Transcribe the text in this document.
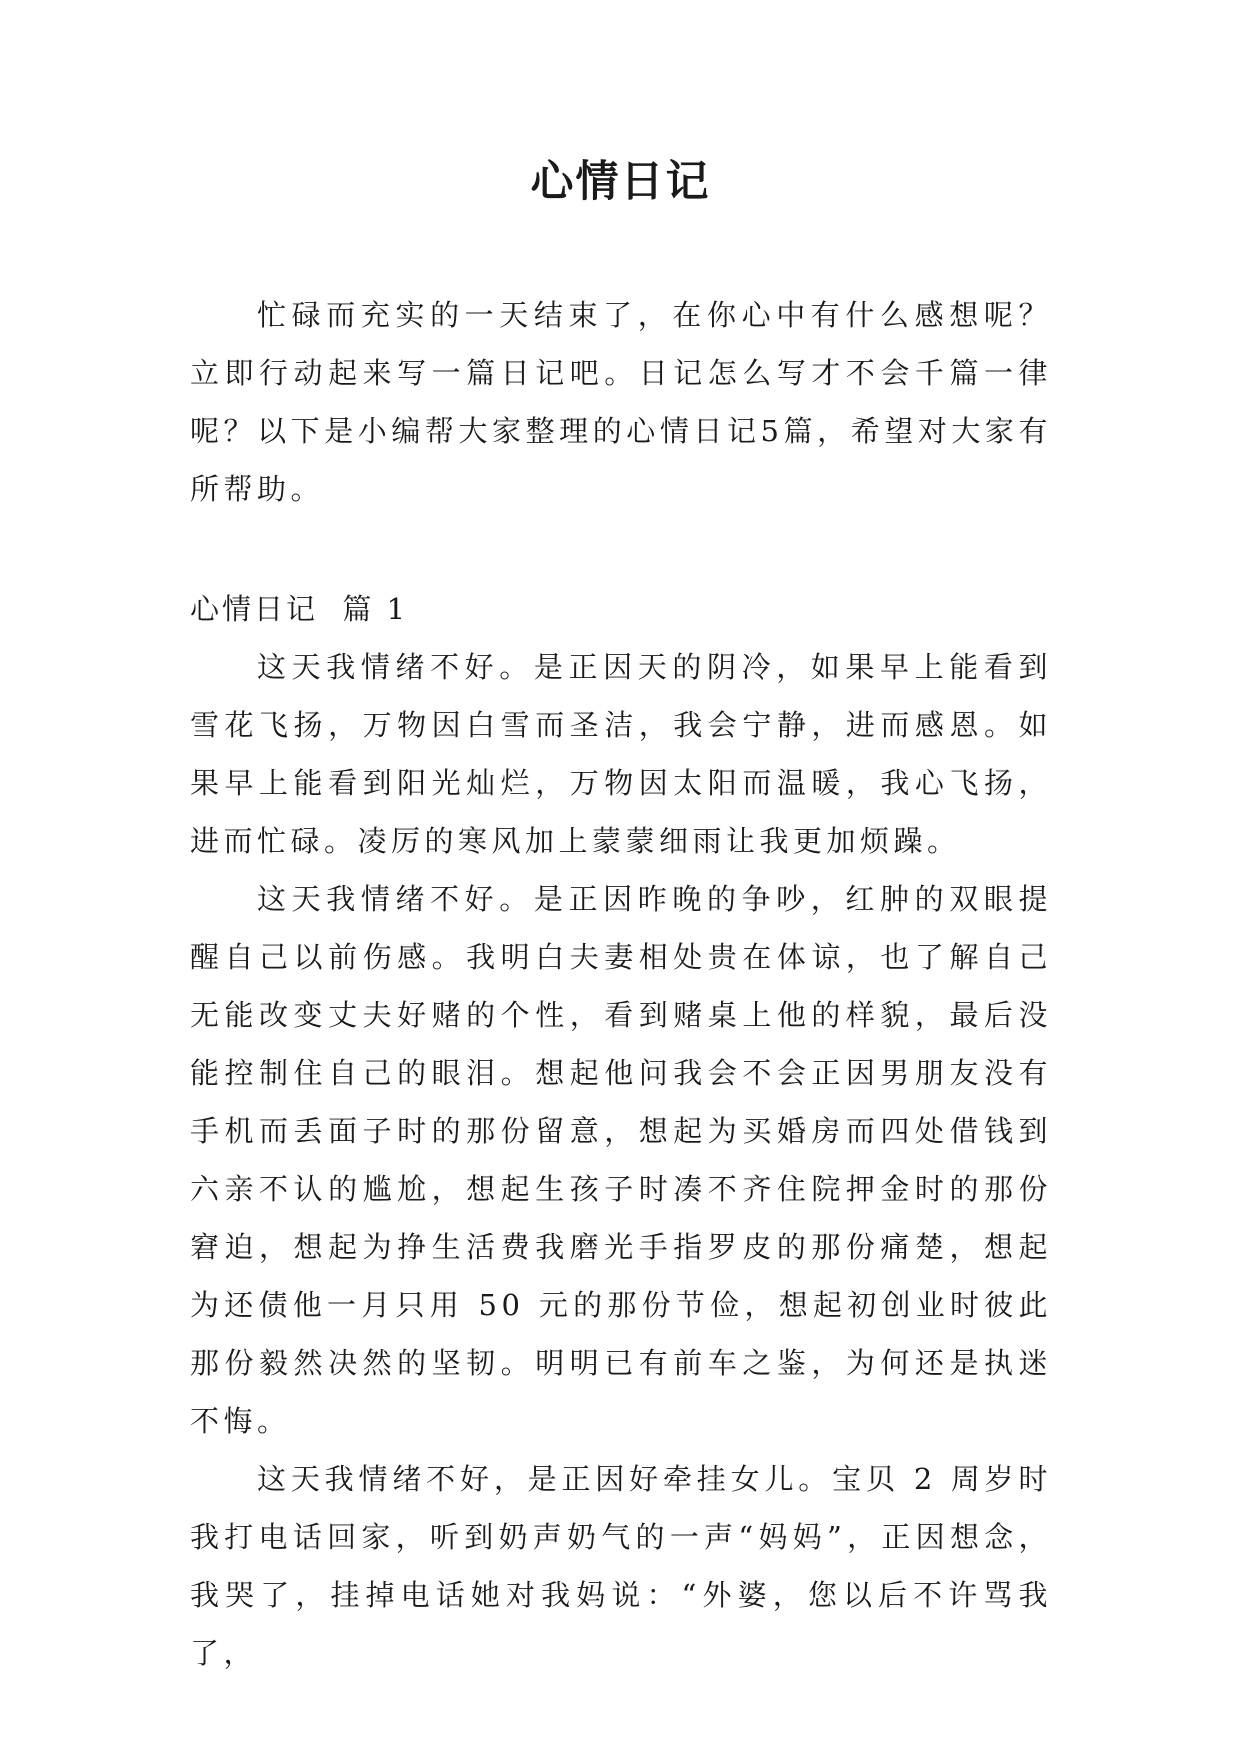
心情日记

忙碌而充实的一天结束了，在你心中有什么感想呢？立即行动起来写一篇日记吧。日记怎么写才不会千篇一律呢？以下是小编帮大家整理的心情日记5篇，希望对大家有所帮助。

心情日记  篇 1

这天我情绪不好。是正因天的阴冷，如果早上能看到雪花飞扬，万物因白雪而圣洁，我会宁静，进而感恩。如果早上能看到阳光灿烂，万物因太阳而温暖，我心飞扬，进而忙碌。凌厉的寒风加上蒙蒙细雨让我更加烦躁。

这天我情绪不好。是正因昨晚的争吵，红肿的双眼提醒自己以前伤感。我明白夫妻相处贵在体谅，也了解自己无能改变丈夫好赌的个性，看到赌桌上他的样貌，最后没能控制住自己的眼泪。想起他问我会不会正因男朋友没有手机而丢面子时的那份留意，想起为买婚房而四处借钱到六亲不认的尴尬，想起生孩子时凑不齐住院押金时的那份窘迫，想起为挣生活费我磨光手指罗皮的那份痛楚，想起为还债他一月只用 50 元的那份节俭，想起初创业时彼此那份毅然决然的坚韧。明明已有前车之鉴，为何还是执迷不悔。

这天我情绪不好，是正因好牵挂女儿。宝贝 2 周岁时我打电话回家，听到奶声奶气的一声“妈妈”，正因想念，我哭了，挂掉电话她对我妈说：“外婆，您以后不许骂我了，
